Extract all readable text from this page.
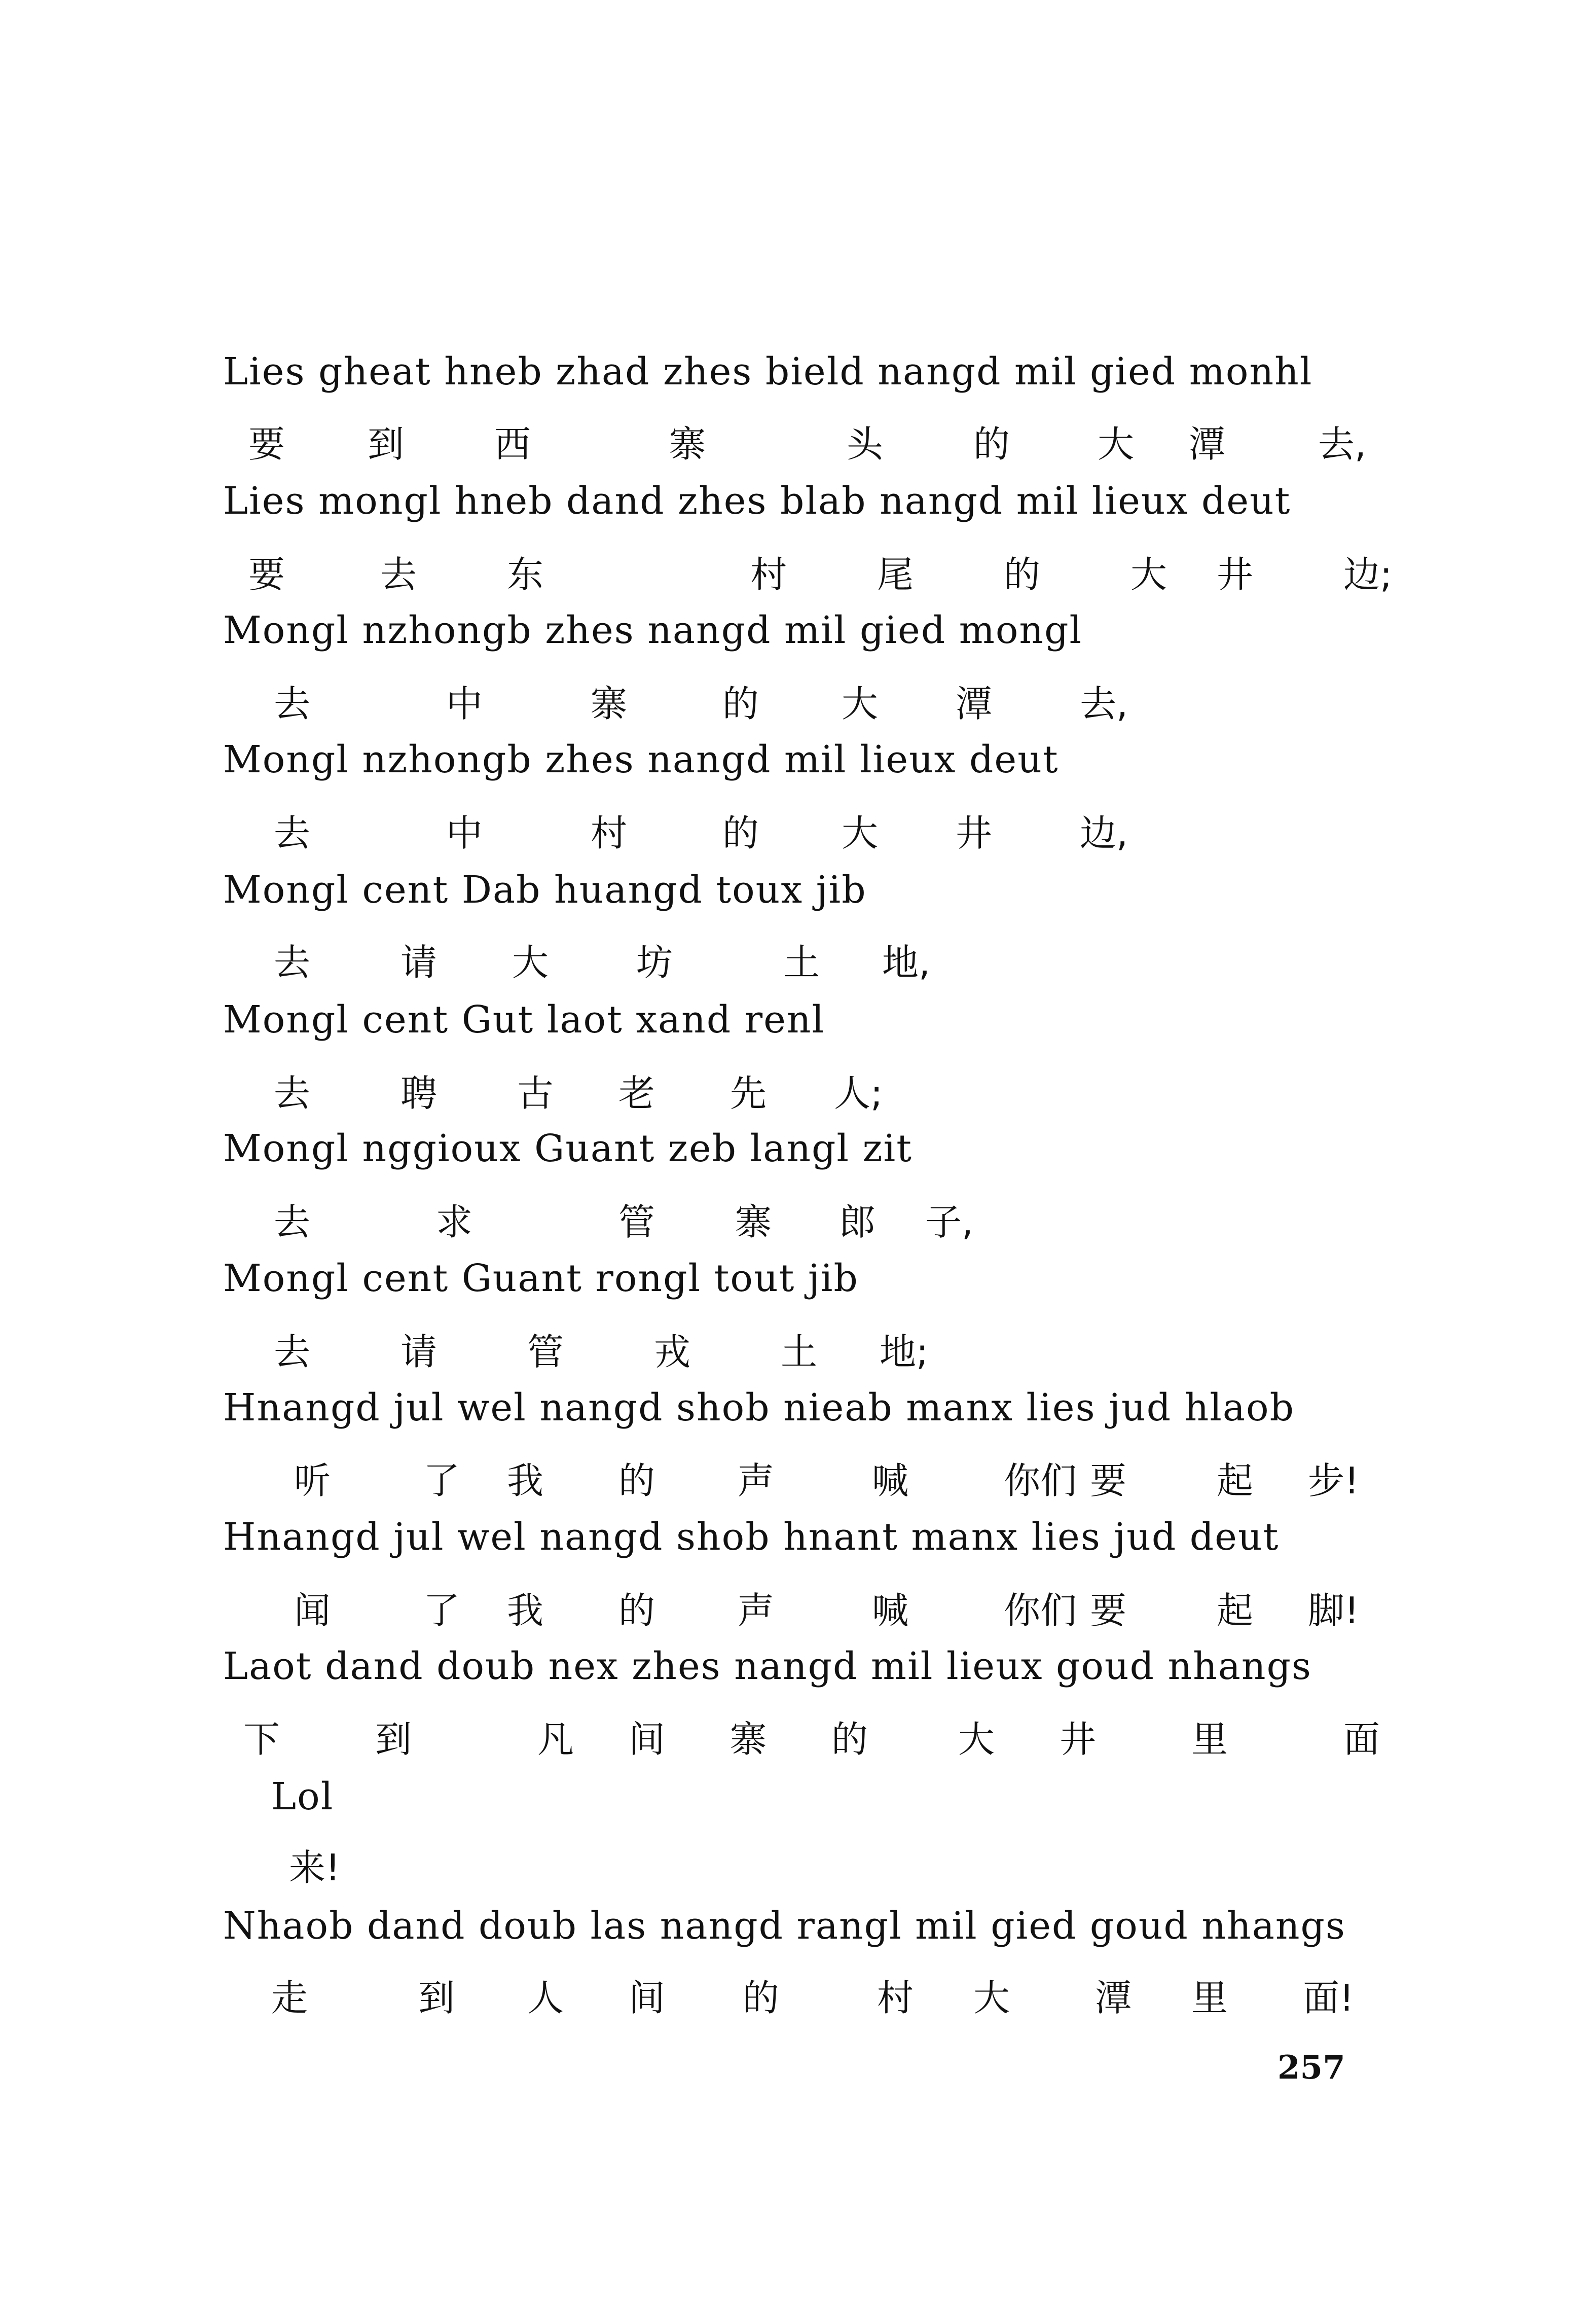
Lies gheat hneb zhad zhes bield nangd mil gied monhl
要 到 西	寨	头 的 大 潭	去,
Lies mongl hneb dand zhes blab nangd mil lieux deut
要	去 东	村 尾 的 大 井 边;
Mongl nzhongb zhes nangd mil gied mongl
去	中	寨	的 大 潭 去,
Mongl nzhongb zhes nangd mil lieux deut
去	中	村	的 大 井 边,
Mongl cent Dab huangd toux jib
去 请 大 坊	土 地,
Mongl cent Gut laot xand renl
去 聘 古 老 先 人;
Mongl nggioux Guant zeb langl zit
去	求	管 寨 郎 子,
Mongl cent Guant rongl tout jib
去 请 管 戎 土 地;
Hnangd jul wel nangd shob nieab manx lies jud hlaob
听	了 我 的 声	喊	你们 要 起 步!
Hnangd jul wel nangd shob hnant manx lies jud deut
闻	了 我 的 声	喊	你们 要 起 脚!
Laot dand doub nex zhes nangd mil lieux goud nhangs
下	到	凡 间 寨 的 大 井	里	面
Lol
来!
Nhaob dand doub las nangd rangl mil gied goud nhangs
走	到 人 间 的	村 大 潭 里 面!
257
